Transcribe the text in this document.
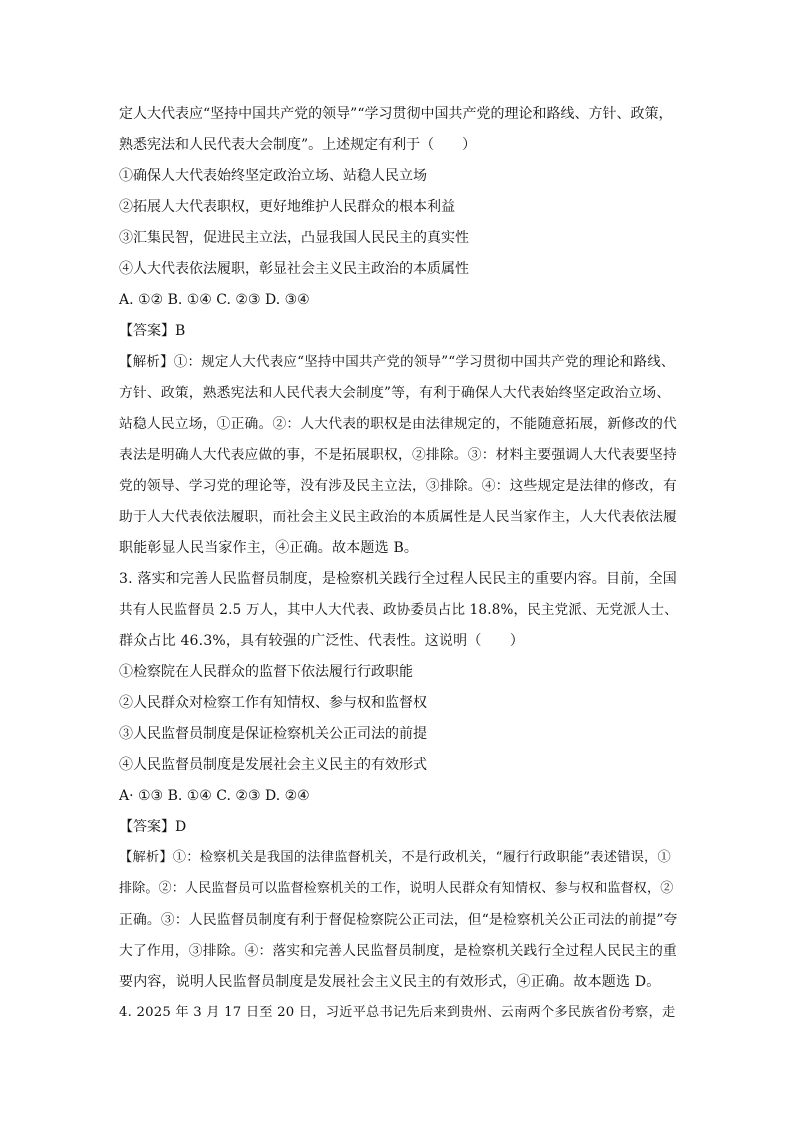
定人大代表应“坚持中国共产党的领导”“学习贯彻中国共产党的理论和路线、方针、政策，
熟悉宪法和人民代表大会制度”。上述规定有利于（　　）
①确保人大代表始终坚定政治立场、站稳人民立场
②拓展人大代表职权，更好地维护人民群众的根本利益
③汇集民智，促进民主立法，凸显我国人民民主的真实性
④人大代表依法履职，彰显社会主义民主政治的本质属性
A. ①② B. ①④ C. ②③ D. ③④
【答案】B
【解析】①：规定人大代表应“坚持中国共产党的领导”“学习贯彻中国共产党的理论和路线、
方针、政策，熟悉宪法和人民代表大会制度”等，有利于确保人大代表始终坚定政治立场、
站稳人民立场，①正确。②：人大代表的职权是由法律规定的，不能随意拓展，新修改的代
表法是明确人大代表应做的事，不是拓展职权，②排除。③：材料主要强调人大代表要坚持
党的领导、学习党的理论等，没有涉及民主立法，③排除。④：这些规定是法律的修改，有
助于人大代表依法履职，而社会主义民主政治的本质属性是人民当家作主，人大代表依法履
职能彰显人民当家作主，④正确。故本题选 B。
3. 落实和完善人民监督员制度，是检察机关践行全过程人民民主的重要内容。目前，全国
共有人民监督员 2.5 万人，其中人大代表、政协委员占比 18.8%，民主党派、无党派人士、
群众占比 46.3%，具有较强的广泛性、代表性。这说明（　　）
①检察院在人民群众的监督下依法履行行政职能
②人民群众对检察工作有知情权、参与权和监督权
③人民监督员制度是保证检察机关公正司法的前提
④人民监督员制度是发展社会主义民主的有效形式
A· ①③ B. ①④ C. ②③ D. ②④
【答案】D
【解析】①：检察机关是我国的法律监督机关，不是行政机关，“履行行政职能”表述错误，①
排除。②：人民监督员可以监督检察机关的工作，说明人民群众有知情权、参与权和监督权，②
正确。③：人民监督员制度有利于督促检察院公正司法，但“是检察机关公正司法的前提”夸
大了作用，③排除。④：落实和完善人民监督员制度，是检察机关践行全过程人民民主的重
要内容，说明人民监督员制度是发展社会主义民主的有效形式，④正确。故本题选 D。
4. 2025 年 3 月 17 日至 20 日，习近平总书记先后来到贵州、云南两个多民族省份考察，走
